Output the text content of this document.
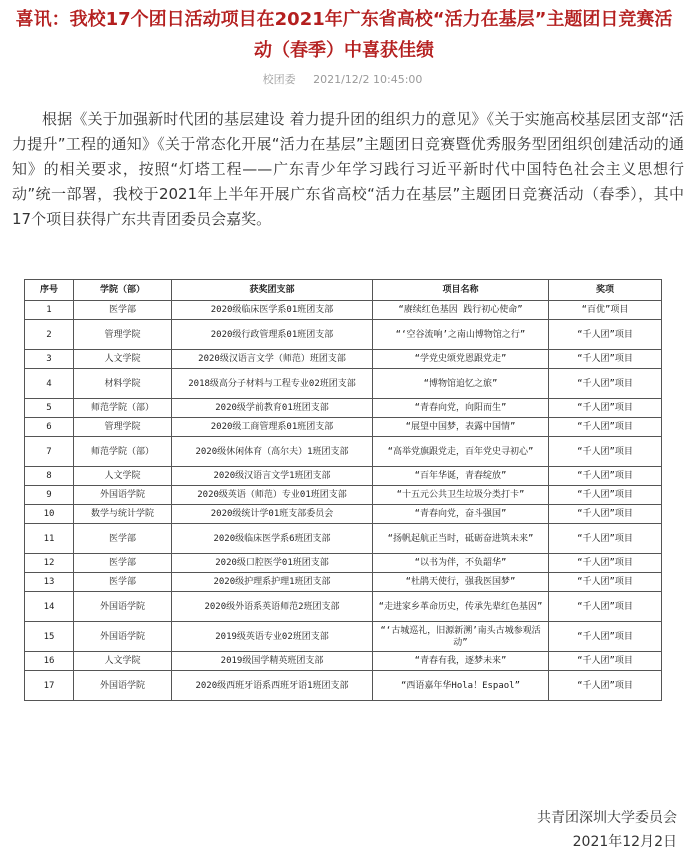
喜讯：我校17个团日活动项目在2021年广东省高校“活力在基层”主题团日竞赛活动（春季）中喜获佳绩
校团委 2021/12/2 10:45:00

根据《关于加强新时代团的基层建设 着力提升团的组织力的意见》《关于实施高校基层团支部“活力提升”工程的通知》《关于常态化开展“活力在基层”主题团日竞赛暨优秀服务型团组织创建活动的通知》的相关要求，按照“灯塔工程——广东青少年学习践行习近平新时代中国特色社会主义思想行动”统一部署，我校于2021年上半年开展广东省高校“活力在基层”主题团日竞赛活动（春季），其中17个项目获得广东共青团委员会嘉奖。

序号	学院（部）	获奖团支部	项目名称	奖项
1	医学部	2020级临床医学系01班团支部	“赓续红色基因 践行初心使命”	“百优”项目
2	管理学院	2020级行政管理系01班团支部	“‘空谷流响’之南山博物馆之行”	“千人团”项目
3	人文学院	2020级汉语言文学（师范）班团支部	“学党史颂党恩跟党走”	“千人团”项目
4	材料学院	2018级高分子材料与工程专业02班团支部	“博物馆追忆之旅”	“千人团”项目
5	师范学院（部）	2020级学前教育01班团支部	“青春向党，向阳而生”	“千人团”项目
6	管理学院	2020级工商管理系01班团支部	“展望中国梦，表露中国情”	“千人团”项目
7	师范学院（部）	2020级休闲体育（高尔夫）1班团支部	“高举党旗跟党走，百年党史寻初心”	“千人团”项目
8	人文学院	2020级汉语言文学1班团支部	“百年华诞，青春绽放”	“千人团”项目
9	外国语学院	2020级英语（师范）专业01班团支部	“十五元公共卫生垃圾分类打卡”	“千人团”项目
10	数学与统计学院	2020级统计学01班支部委员会	“青春向党，奋斗强国”	“千人团”项目
11	医学部	2020级临床医学系6班团支部	“扬帆起航正当时，砥砺奋进筑未来”	“千人团”项目
12	医学部	2020级口腔医学01班团支部	“以书为伴，不负韶华”	“千人团”项目
13	医学部	2020级护理系护理1班团支部	“杜鹃天使行，强我医国梦”	“千人团”项目
14	外国语学院	2020级外语系英语师范2班团支部	“走进家乡革命历史，传承先辈红色基因”	“千人团”项目
15	外国语学院	2019级英语专业02班团支部	“‘古城巡礼，旧源新溯’南头古城参观活动”	“千人团”项目
16	人文学院	2019级国学精英班团支部	“青春有我，逐梦未来”	“千人团”项目
17	外国语学院	2020级西班牙语系西班牙语1班团支部	“西语嘉年华Hola！Espaol”	“千人团”项目
共青团深圳大学委员会
2021年12月2日
